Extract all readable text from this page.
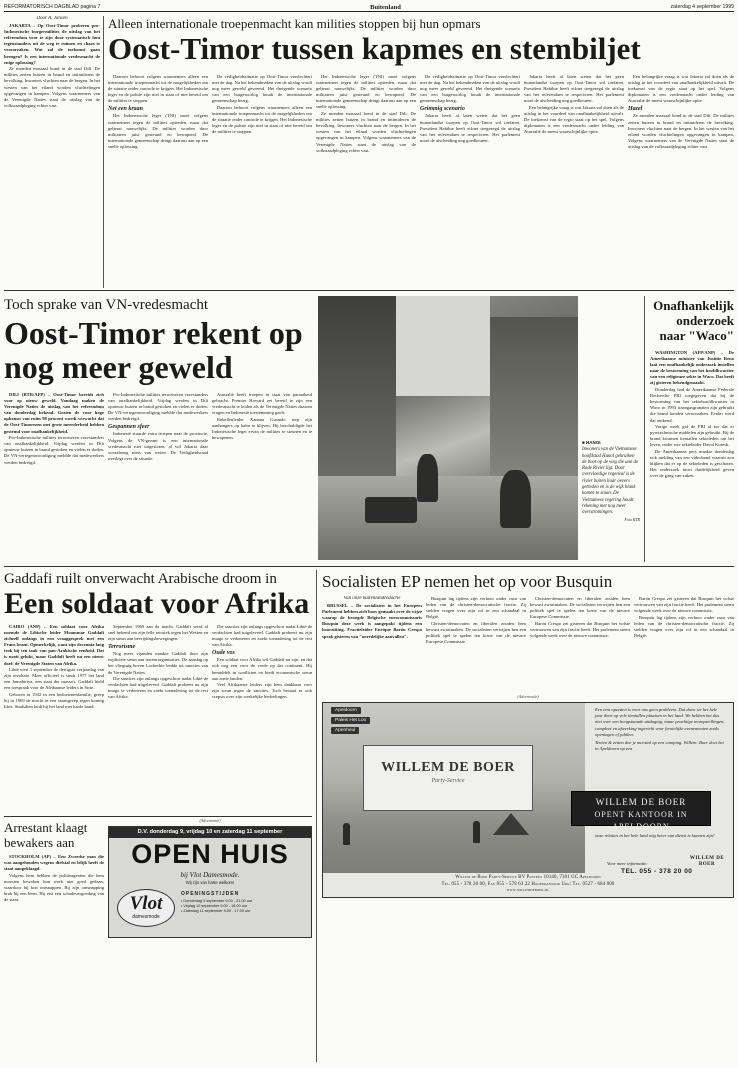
REFORMATORISCH DAGBLAD pagina 7	Buitenland	zaterdag 4 september 1999
Door A. Jansen

JAKARTA – Op Oost-Timor proberen pro-Indonesische burgermilities de uitslag van het referendum voor te zijn door systematisch hun tegenstanders uit de weg te ruimen en chaos te veroorzaken. Wat zal de toekomst gaan brengen? Is een internationale vredesmacht de enige oplossing?

Ze monden massaal bond in de stad Dili. De milities zetten huizen in brand en intimideren de bevolking. Inwoners vluchten naar de bergen. In het westen van het eiland worden vluchtelingen opgevangen in kampen. Volgens waarnemers van de Verenigde Naties staat de uitslag van de volksraadpleging echter vast.

Alleen internationale troepenmacht kan milities stoppen bij hun opmars
Oost-Timor tussen kapmes en stembiljet

Daarom behoort volgens waarnemers alleen een internationale troepenmacht tot de mogelijkheden om de situatie onder controle te krijgen. Het Indonesische leger en de politie zijn niet in staat of niet bereid om de milities te stoppen.

Net een kraan

Het Indonesische leger (TNI) moet volgens waarnemers tegen de milities optreden, maar dat gebeurt nauwelijks. De milities worden door militairen juist gesteund en bewapend. De internationale gemeenschap dringt daarom aan op een snelle oplossing.

De veiligheidssituatie op Oost-Timor verslechtert met de dag. Na het bekendmaken van de uitslag wordt nog meer geweld gevreesd. Het dreigende scenario van een burgeroorlog houdt de internationale gemeenschap bezig.

Daarom behoort volgens waarnemers alleen een internationale troepenmacht tot de mogelijkheden om de situatie onder controle te krijgen. Het Indonesische leger en de politie zijn niet in staat of niet bereid om de milities te stoppen.

Het Indonesische leger (TNI) moet volgens waarnemers tegen de milities optreden, maar dat gebeurt nauwelijks. De milities worden door militairen juist gesteund en bewapend. De internationale gemeenschap dringt daarom aan op een snelle oplossing.

Ze monden massaal bond in de stad Dili. De milities zetten huizen in brand en intimideren de bevolking. Inwoners vluchten naar de bergen. In het westen van het eiland worden vluchtelingen opgevangen in kampen. Volgens waarnemers van de Verenigde Naties staat de uitslag van de volksraadpleging echter vast.

De veiligheidssituatie op Oost-Timor verslechtert met de dag. Na het bekendmaken van de uitslag wordt nog meer geweld gevreesd. Het dreigende scenario van een burgeroorlog houdt de internationale gemeenschap bezig.

Grimmig scenario

Jakarta heeft al laten weten dat het geen buitenlandse troepen op Oost-Timor wil toelaten. President Habibie heeft echter toegezegd de uitslag van het referendum te respecteren. Het parlement moet de afscheiding nog goedkeuren.

Jakarta heeft al laten weten dat het geen buitenlandse troepen op Oost-Timor wil toelaten. President Habibie heeft echter toegezegd de uitslag van het referendum te respecteren. Het parlement moet de afscheiding nog goedkeuren.

Een belangrijke vraag is wat Jakarta zal doen als de uitslag in het voordeel van onafhankelijkheid uitvalt. De toekomst van de regio staat op het spel. Volgens diplomaten is een vredesmacht onder leiding van Australië de meest waarschijnlijke optie.

Een belangrijke vraag is wat Jakarta zal doen als de uitslag in het voordeel van onafhankelijkheid uitvalt. De toekomst van de regio staat op het spel. Volgens diplomaten is een vredesmacht onder leiding van Australië de meest waarschijnlijke optie.

Hazel

Ze monden massaal bond in de stad Dili. De milities zetten huizen in brand en intimideren de bevolking. Inwoners vluchten naar de bergen. In het westen van het eiland worden vluchtelingen opgevangen in kampen. Volgens waarnemers van de Verenigde Naties staat de uitslag van de volksraadpleging echter vast.

Toch sprake van VN-vredesmacht
Oost-Timor rekent op nog meer geweld

DILI (RTR/AFP) – Oost-Timor bereidt zich voor op nieuw geweld. Vandaag maken de Verenigde Naties de uitslag van het referendum van donderdag bekend. Gezien de voor hoge opkomst van ruim 98 procent wordt verwacht dat de Oost-Timorezen met grote meerderheid hebben gestemd voor onafhankelijkheid.

Pro-Indonesische milities terroriseren voorstanders van onafhankelijkheid. Vrijdag werden in Dili opnieuw huizen in brand gestoken en vielen er doden. De VN-vertegenwoordiging meldde dat medewerkers werden bedreigd.

Pro-Indonesische milities terroriseren voorstanders van onafhankelijkheid. Vrijdag werden in Dili opnieuw huizen in brand gestoken en vielen er doden. De VN-vertegenwoordiging meldde dat medewerkers werden bedreigd.

Gespannen sfeer

Indonesië stuurde extra troepen naar de provincie. Volgens de VN-gezant is een internationale vredesmacht niet uitgesloten, al wil Jakarta daar vooralsnog niets van weten. De Veiligheidsraad overlegt over de situatie.

Australië heeft troepen in staat van paraatheid gebracht. Premier Howard zei bereid te zijn een vredesmacht te leiden als de Verenigde Naties daarom vragen en Indonesië toestemming geeft.

Rebellenleider Xanana Gusmão riep zijn aanhangers op kalm te blijven. Hij beschuldigde het Indonesische leger ervan de milities te steunen en te bewapenen.

■ HANOI
Inwoners van de Vietnamese hoofdstad Hanoi gebruiken de boot op de weg die aan de Rode Rivier ligt. Door overvloedige regenval is de rivier buiten haar oevers getreden en is de wijk blank komen te staan. De Vietnamese regering houdt rekening met nog meer overstromingen.
Foto RTR
Onafhankelijk onderzoek naar "Waco"

WASHINGTON (AFP/ANP) – De Amerikaanse minister van Justitie Reno laat een onafhankelijk onderzoek instellen naar de bestorming van het hoofdkwartier van een religieuze sekte in Waco. Dat heeft zij gisteren bekendgemaakt.

Donderdag had de Amerikaanse Federale Recherche FBI toegegeven dat bij de bestorming van het sektehoofdkwartier in Waco in 1993 traangasgranaten zijn gebruikt die brand konden veroorzaken. Eerder werd dat ontkend.

Vorige week gaf de FBI al toe dat er pyrotechnische middelen zijn gebruikt. Bij de brand kwamen tientallen sekteleden om het leven, onder wie sekteleider David Koresh.

De Amerikaanse pers maakte donderdag ook melding van een videoband waaruit zou blijken dat er op de sekteleden is geschoten. Het onderzoek moet duidelijkheid geven over de gang van zaken.

Gaddafi ruilt onverwacht Arabische droom in
Een soldaat voor Afrika

CAIRO (ANP) – Een soldaat voor Afrika noemde de Libische leider Moammar Gaddafi zichzelf onlangs in een vraaggesprek met een Frans krant. Opmerkelijk, want zijn decennia lang trok hij ten taak van pan-Arabische eenheid. Dat is nooit gelukt, maar Gaddafi heeft nu een nieuw doel: de Verenigde Staten van Afrika.

Libië viert 1 september de dertigste verjaardag van zijn revolutie. Meer officieel is sinds 1977 het land een Jamahiriya, een staat der massa's. Gaddafi hield een toespraak voor de Afrikaanse leiders in Sirte.

Geboren in 1942 in een bedoeïenenfamilie, greep hij in 1969 de macht in een staatsgreep tegen koning Idris. Sindsdien leidt hij het land met harde hand.

September 1969 aan de macht. Gaddafi werd al snel bekend om zijn felle retoriek tegen het Westen en zijn steun aan bevrijdingsbewegingen.

Terrorisme

Nog meer vijanden maakte Gaddafi door zijn expliciete steun aan terreurorganisaties. De aanslag op het vliegtuig boven Lockerbie leidde tot sancties van de Verenigde Naties.

Die sancties zijn onlangs opgeschort nadat Libië de verdachten had uitgeleverd. Gaddafi probeert nu zijn imago te verbeteren en zoekt toenadering tot de rest van Afrika.

Die sancties zijn onlangs opgeschort nadat Libië de verdachten had uitgeleverd. Gaddafi probeert nu zijn imago te verbeteren en zoekt toenadering tot de rest van Afrika.

Oude vos

Een soldaat voor Afrika wil Gaddafi nu zijn, en dat ook nog een voor de vrede op dat continent. Hij bemiddelt in conflicten en biedt economische steun aan arme landen.

Veel Afrikaanse leiders zijn hem dankbaar voor zijn steun tegen de sancties. Toch bestaat er ook scepsis over zijn werkelijke bedoelingen.

Socialisten EP nemen het op voor Busquin
Van onze buitenlandredactie

BRUSSEL – De socialisten in het Europees Parlement hebben zich boos gemaakt over de wijze waarop de beoogde Belgische eurocommissaris Busquin deze week is aangepakt tijdens een hoorzitting. Fractieleider Enrique Barón Crespo sprak gisteren van "onredelijke aanvallen".

Busquin lag tijdens zijn verhoor onder vuur van leden van de christen-democratische fractie. Zij stelden vragen over zijn rol in een schandaal in België.

Christen-democraten en liberalen zouden hem bewust zwartmaken. De socialisten verwijten hen een politiek spel te spelen ten koste van de nieuwe Europese Commissie.

Christen-democraten en liberalen zouden hem bewust zwartmaken. De socialisten verwijten hen een politiek spel te spelen ten koste van de nieuwe Europese Commissie.

Barón Crespo zei gisteren dat Busquin het volste vertrouwen van zijn fractie heeft. Het parlement stemt volgende week over de nieuwe commissie.

Barón Crespo zei gisteren dat Busquin het volste vertrouwen van zijn fractie heeft. Het parlement stemt volgende week over de nieuwe commissie.

Busquin lag tijdens zijn verhoor onder vuur van leden van de christen-democratische fractie. Zij stelden vragen over zijn rol in een schandaal in België.

Arrestant klaagt bewakers aan

STOCKHOLM (AP) – Een Zweedse man die was aangehouden wegens diefstal en lelijk heeft de staat aangeklaagd.

Volgens hem hebben de politieagenten die hem moesten bewaken hun werk niet goed gedaan, waardoor hij kon ontsnappen. Bij zijn ontsnapping brak hij een been. Hij eist een schadevergoeding van de staat.

(Advertentie)
D.V. donderdag 9, vrijdag 10 en zaterdag 11 september
OPEN HUIS
bij Vlot Damesmode.
Wij zijn van harte welkom!
Vlot
damesmode
OPENINGSTIJDEN
• Donderdag 9 september 9.00 - 21.00 uur
• Vrijdag 10 september 9.00 - 18.00 uur
• Zaterdag 11 september 9.00 - 17.00 uur
(Advertentie)
WILLEM DE BOER
Party-Service
Apeldoorn
Paleis Het Loo
Apenheul
Een tent opzetten is voor ons geen probleem. Dat doen we het hele jaar door op vele tientallen plaatsen in het land. We hebben het dus niet over een hoogstaande uitdaging, maar prachtige tentopstellingen, compleet en afwerking ingericht voor feestelijke evenementen zoals openingen of jubilea.
Tenten & zetten doe je meestal op een camping. Willem: Boer doet het in Apeldoorn op een
WILLEM DE BOER
OPENT KANTOOR IN APELDOORN
onze relaties in het hele land nóg beter van dienst te kunnen zijn!
Voor meer informatie:
TEL. 055 - 378 20 00
WILLEM DE BOER
Willem de Boer Party-Service BV Postbus 10140, 7301 GC Apeldoorn
Tel. 055 - 378 20 00, Fax 055 - 578 63 22 Hoofdkantoor Urk: Tel. 0527 - 684 000
www.willemdeboer.nl
